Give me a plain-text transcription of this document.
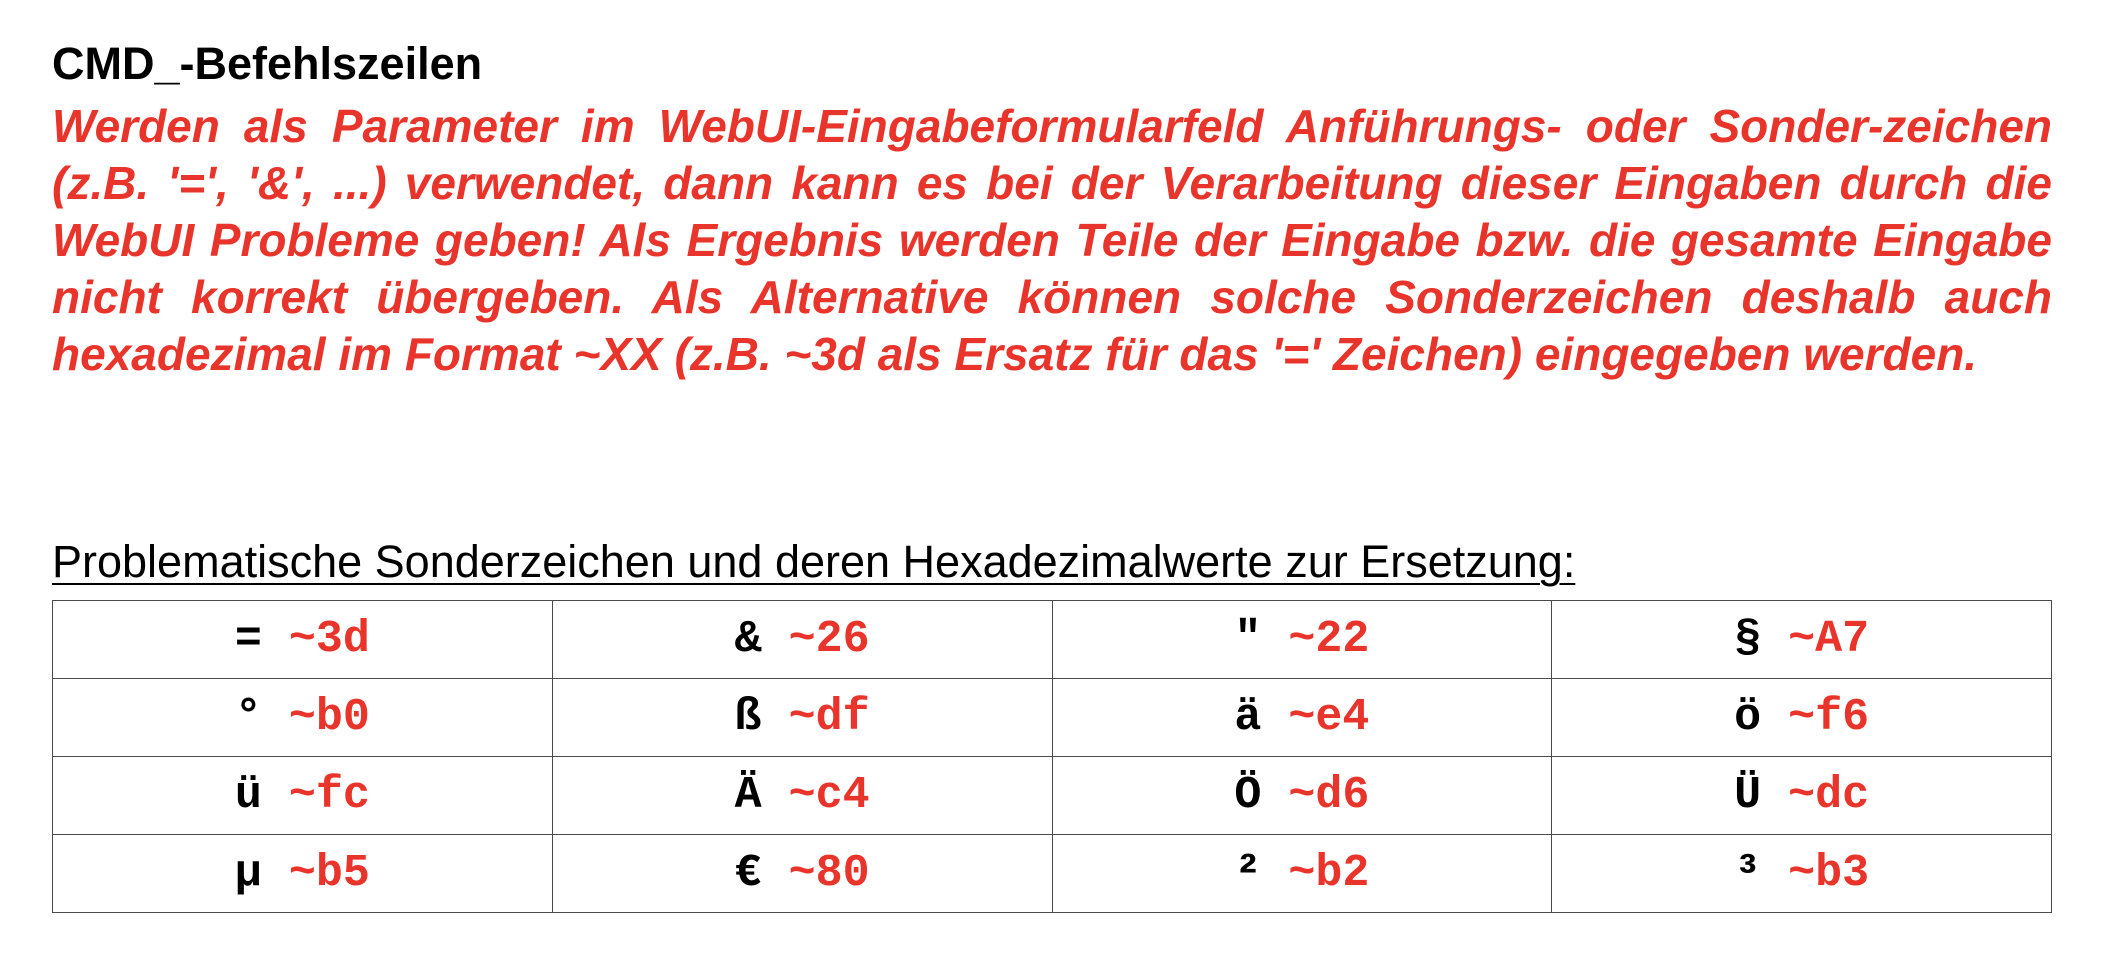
CMD_-Befehlszeilen

Werden als Parameter im WebUI-Eingabeformularfeld Anführungs- oder Sonder-zeichen (z.B. '=', '&', ...) verwendet, dann kann es bei der Verarbeitung dieser Eingaben durch die WebUI Probleme geben! Als Ergebnis werden Teile der Eingabe bzw. die gesamte Eingabe nicht korrekt übergeben. Als Alternative können solche Sonderzeichen deshalb auch hexadezimal im Format ~XX (z.B. ~3d als Ersatz für das '=' Zeichen) eingegeben werden.

Problematische Sonderzeichen und deren Hexadezimalwerte zur Ersetzung:
= ~3d	& ~26	" ~22	§ ~A7
° ~b0	ß ~df	ä ~e4	ö ~f6
ü ~fc	Ä ~c4	Ö ~d6	Ü ~dc
µ ~b5	€ ~80	² ~b2	³ ~b3
